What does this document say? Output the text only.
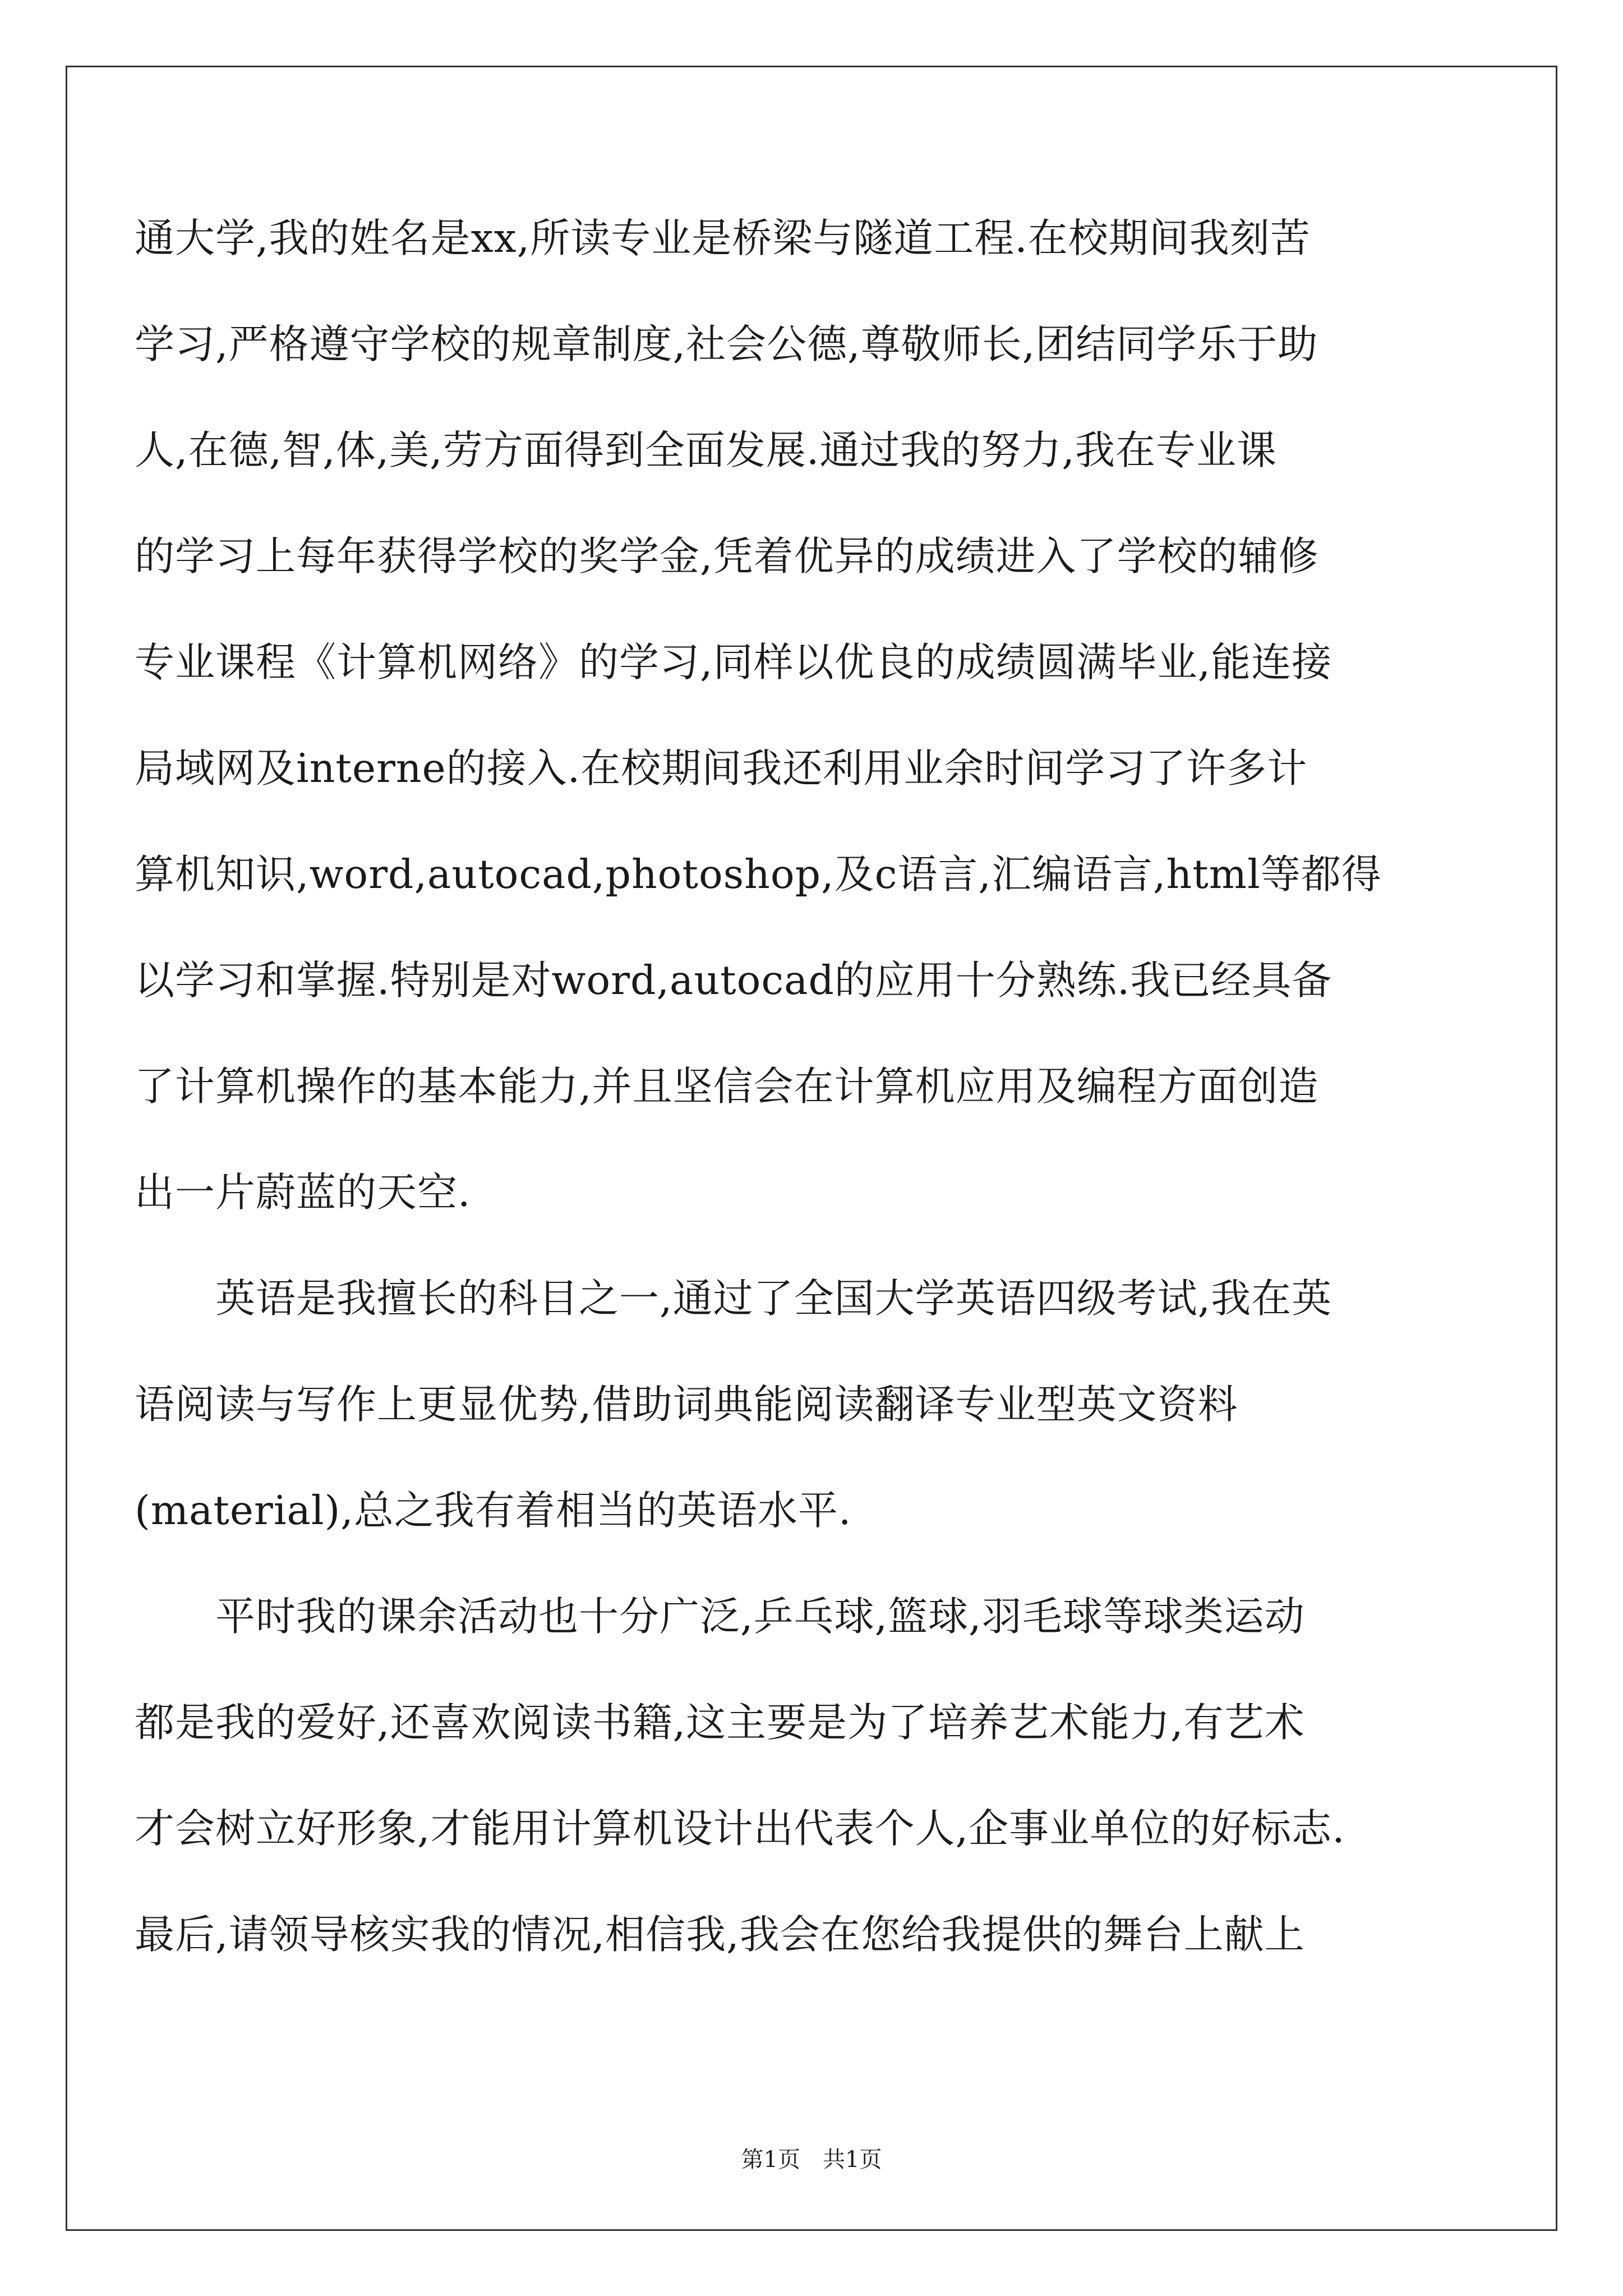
通大学,我的姓名是xx,所读专业是桥梁与隧道工程.在校期间我刻苦
学习,严格遵守学校的规章制度,社会公德,尊敬师长,团结同学乐于助
人,在德,智,体,美,劳方面得到全面发展.通过我的努力,我在专业课
的学习上每年获得学校的奖学金,凭着优异的成绩进入了学校的辅修
专业课程《计算机网络》的学习,同样以优良的成绩圆满毕业,能连接
局域网及interne的接入.在校期间我还利用业余时间学习了许多计
算机知识,word,autocad,photoshop,及c语言,汇编语言,html等都得
以学习和掌握.特别是对word,autocad的应用十分熟练.我已经具备
了计算机操作的基本能力,并且坚信会在计算机应用及编程方面创造
出一片蔚蓝的天空.
英语是我擅长的科目之一,通过了全国大学英语四级考试,我在英
语阅读与写作上更显优势,借助词典能阅读翻译专业型英文资料
(material),总之我有着相当的英语水平.
平时我的课余活动也十分广泛,乒乓球,篮球,羽毛球等球类运动
都是我的爱好,还喜欢阅读书籍,这主要是为了培养艺术能力,有艺术
才会树立好形象,才能用计算机设计出代表个人,企事业单位的好标志.
最后,请领导核实我的情况,相信我,我会在您给我提供的舞台上献上
第1页 共1页
